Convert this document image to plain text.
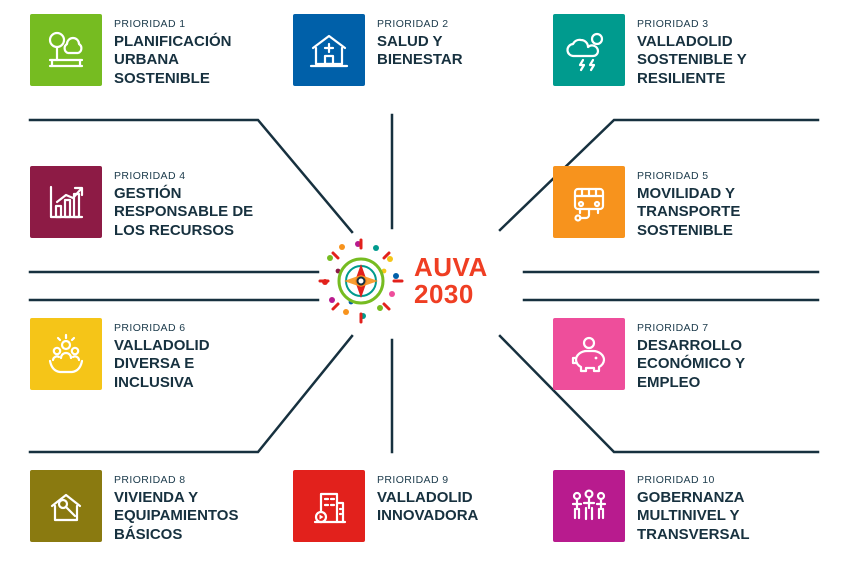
PRIORIDAD 1

PLANIFICACIÓN URBANA SOSTENIBLE

PRIORIDAD 2

SALUD Y BIENESTAR

PRIORIDAD 3

VALLADOLID SOSTENIBLE Y RESILIENTE

PRIORIDAD 4

GESTIÓN RESPONSABLE DE LOS RECURSOS

PRIORIDAD 5

MOVILIDAD Y TRANSPORTE SOSTENIBLE

PRIORIDAD 6

VALLADOLID DIVERSA E INCLUSIVA

PRIORIDAD 7

DESARROLLO ECONÓMICO Y EMPLEO

PRIORIDAD 8

VIVIENDA Y EQUIPAMIENTOS BÁSICOS

PRIORIDAD 9

VALLADOLID INNOVADORA

PRIORIDAD 10

GOBERNANZA MULTINIVEL Y TRANSVERSAL

AUVA
2030
